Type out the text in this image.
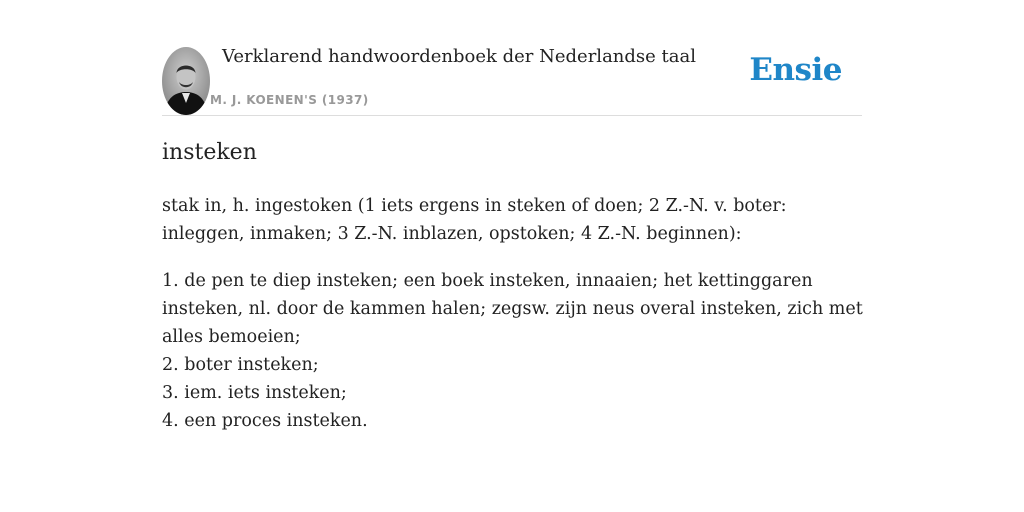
Verklarend handwoordenboek der Nederlandse taal
M. J. KOENEN'S (1937)
Ensie
insteken

stak in, h. ingestoken (1 iets ergens in steken of doen; 2 Z.-N. v. boter: inleggen, inmaken; 3 Z.-N. inblazen, opstoken; 4 Z.-N. beginnen):

1. de pen te diep insteken; een boek insteken, innaaien; het kettinggaren insteken, nl. door de kammen halen; zegsw. zijn neus overal insteken, zich met alles bemoeien;

2. boter insteken;

3. iem. iets insteken;

4. een proces insteken.
